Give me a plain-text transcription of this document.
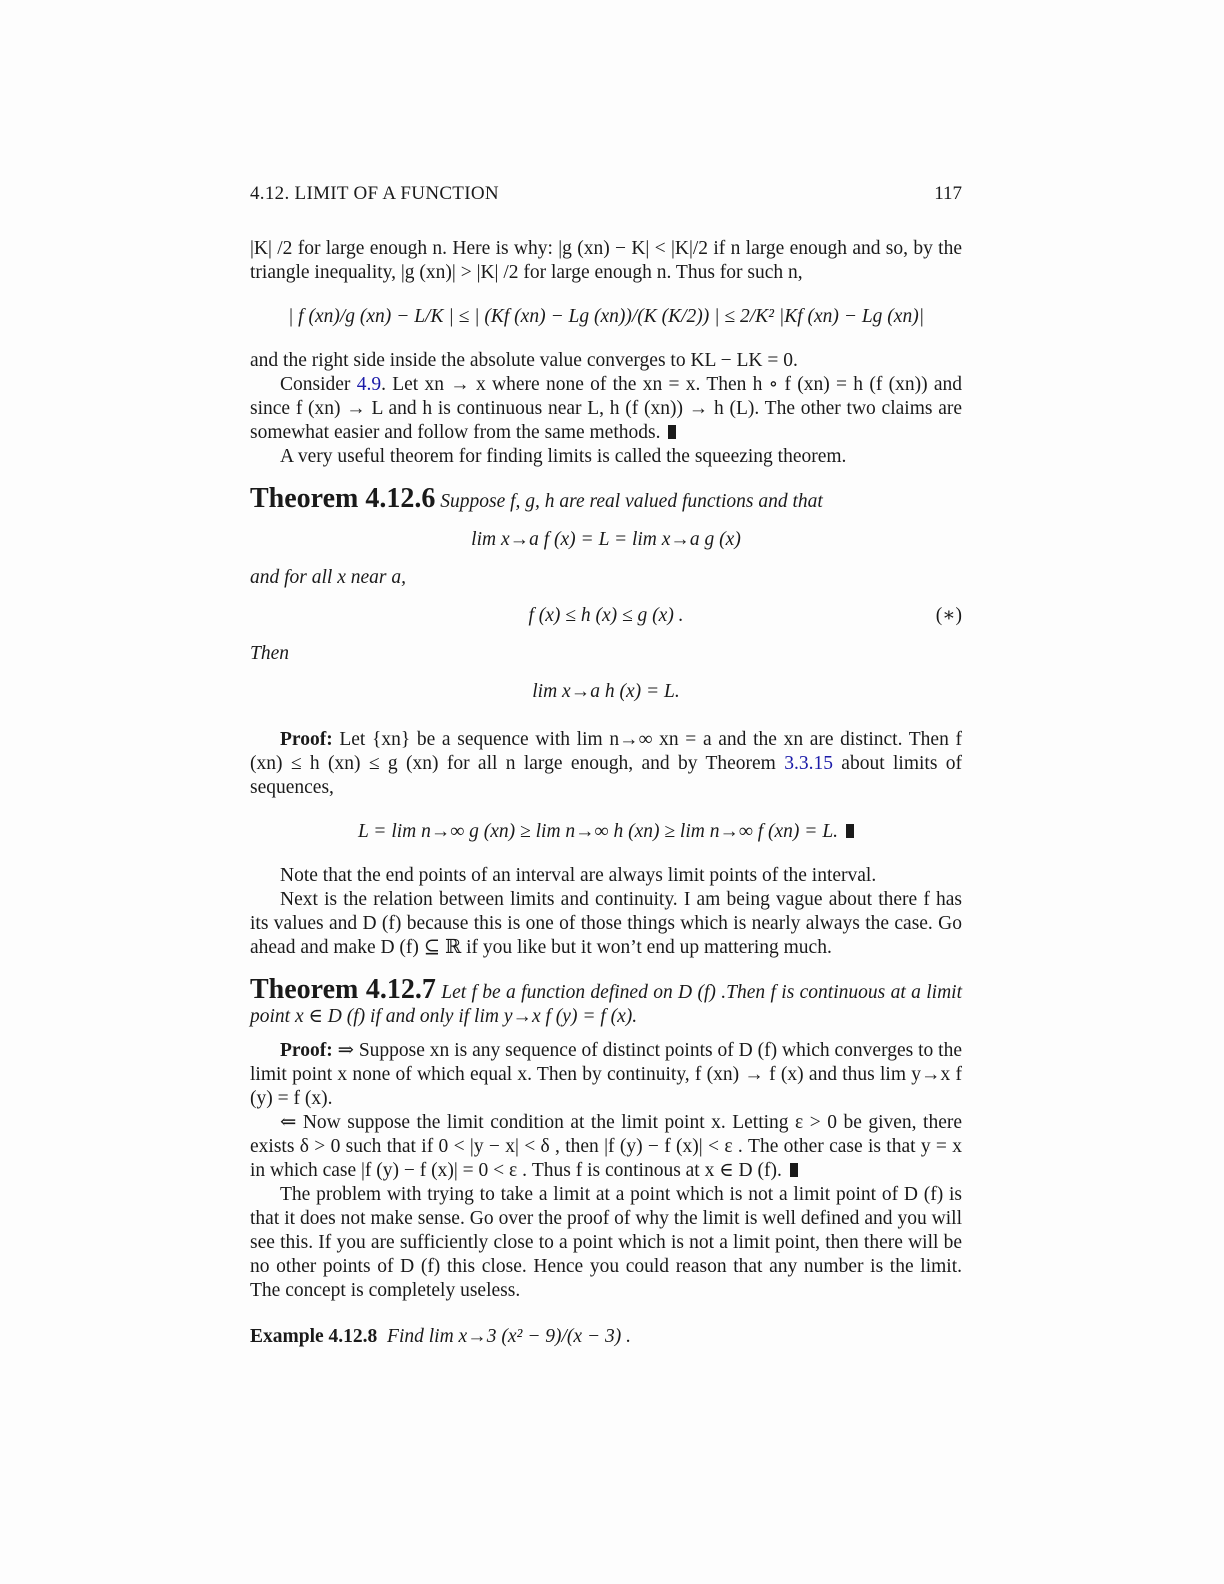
4.12. LIMIT OF A FUNCTION	117

|K| /2 for large enough n. Here is why: |g (xn) − K| < |K|/2 if n large enough and so, by the triangle inequality, |g (xn)| > |K| /2 for large enough n. Thus for such n,

| f (xn)/g (xn) − L/K | ≤ | (Kf (xn) − Lg (xn))/(K (K/2)) | ≤ 2/K² |Kf (xn) − Lg (xn)|

and the right side inside the absolute value converges to KL − LK = 0.

Consider 4.9. Let xn → x where none of the xn = x. Then h ∘ f (xn) = h (f (xn)) and since f (xn) → L and h is continuous near L, h (f (xn)) → h (L). The other two claims are somewhat easier and follow from the same methods.

A very useful theorem for finding limits is called the squeezing theorem.

Theorem 4.12.6 Suppose f, g, h are real valued functions and that
lim x→a f (x) = L = lim x→a g (x)

and for all x near a,

f (x) ≤ h (x) ≤ g (x) .	(∗)

Then

lim x→a h (x) = L.

Proof: Let {xn} be a sequence with lim n→∞ xn = a and the xn are distinct. Then f (xn) ≤ h (xn) ≤ g (xn) for all n large enough, and by Theorem 3.3.15 about limits of sequences,

L = lim n→∞ g (xn) ≥ lim n→∞ h (xn) ≥ lim n→∞ f (xn) = L.

Note that the end points of an interval are always limit points of the interval.

Next is the relation between limits and continuity. I am being vague about there f has its values and D (f) because this is one of those things which is nearly always the case. Go ahead and make D (f) ⊆ ℝ if you like but it won’t end up mattering much.

Theorem 4.12.7 Let f be a function defined on D (f) .Then f is continuous at a limit point x ∈ D (f) if and only if lim y→x f (y) = f (x).

Proof: ⇒ Suppose xn is any sequence of distinct points of D (f) which converges to the limit point x none of which equal x. Then by continuity, f (xn) → f (x) and thus lim y→x f (y) = f (x).

⇐ Now suppose the limit condition at the limit point x. Letting ε > 0 be given, there exists δ > 0 such that if 0 < |y − x| < δ , then |f (y) − f (x)| < ε . The other case is that y = x in which case |f (y) − f (x)| = 0 < ε . Thus f is continous at x ∈ D (f).

The problem with trying to take a limit at a point which is not a limit point of D (f) is that it does not make sense. Go over the proof of why the limit is well defined and you will see this. If you are sufficiently close to a point which is not a limit point, then there will be no other points of D (f) this close. Hence you could reason that any number is the limit. The concept is completely useless.

Example 4.12.8 Find lim x→3 (x² − 9)/(x − 3) .
